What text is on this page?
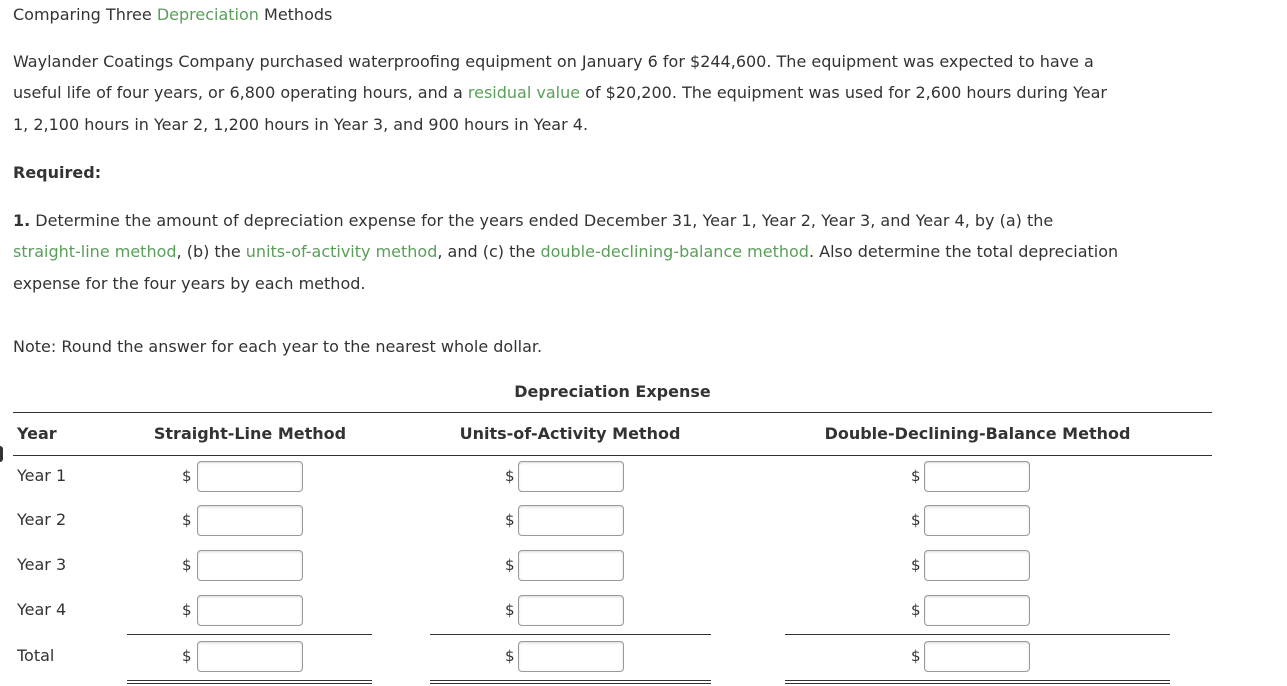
Comparing Three Depreciation Methods
Waylander Coatings Company purchased waterproofing equipment on January 6 for $244,600. The equipment was expected to have a
useful life of four years, or 6,800 operating hours, and a residual value of $20,200. The equipment was used for 2,600 hours during Year
1, 2,100 hours in Year 2, 1,200 hours in Year 3, and 900 hours in Year 4.
Required:
1. Determine the amount of depreciation expense for the years ended December 31, Year 1, Year 2, Year 3, and Year 4, by (a) the
straight-line method, (b) the units-of-activity method, and (c) the double-declining-balance method. Also determine the total depreciation
expense for the four years by each method.
Note: Round the answer for each year to the nearest whole dollar.
Depreciation Expense
Year	Straight-Line Method	Units-of-Activity Method	Double-Declining-Balance Method
Year 1	$	$	$
Year 2	$	$	$
Year 3	$	$	$
Year 4	$	$	$
Total	$	$	$
